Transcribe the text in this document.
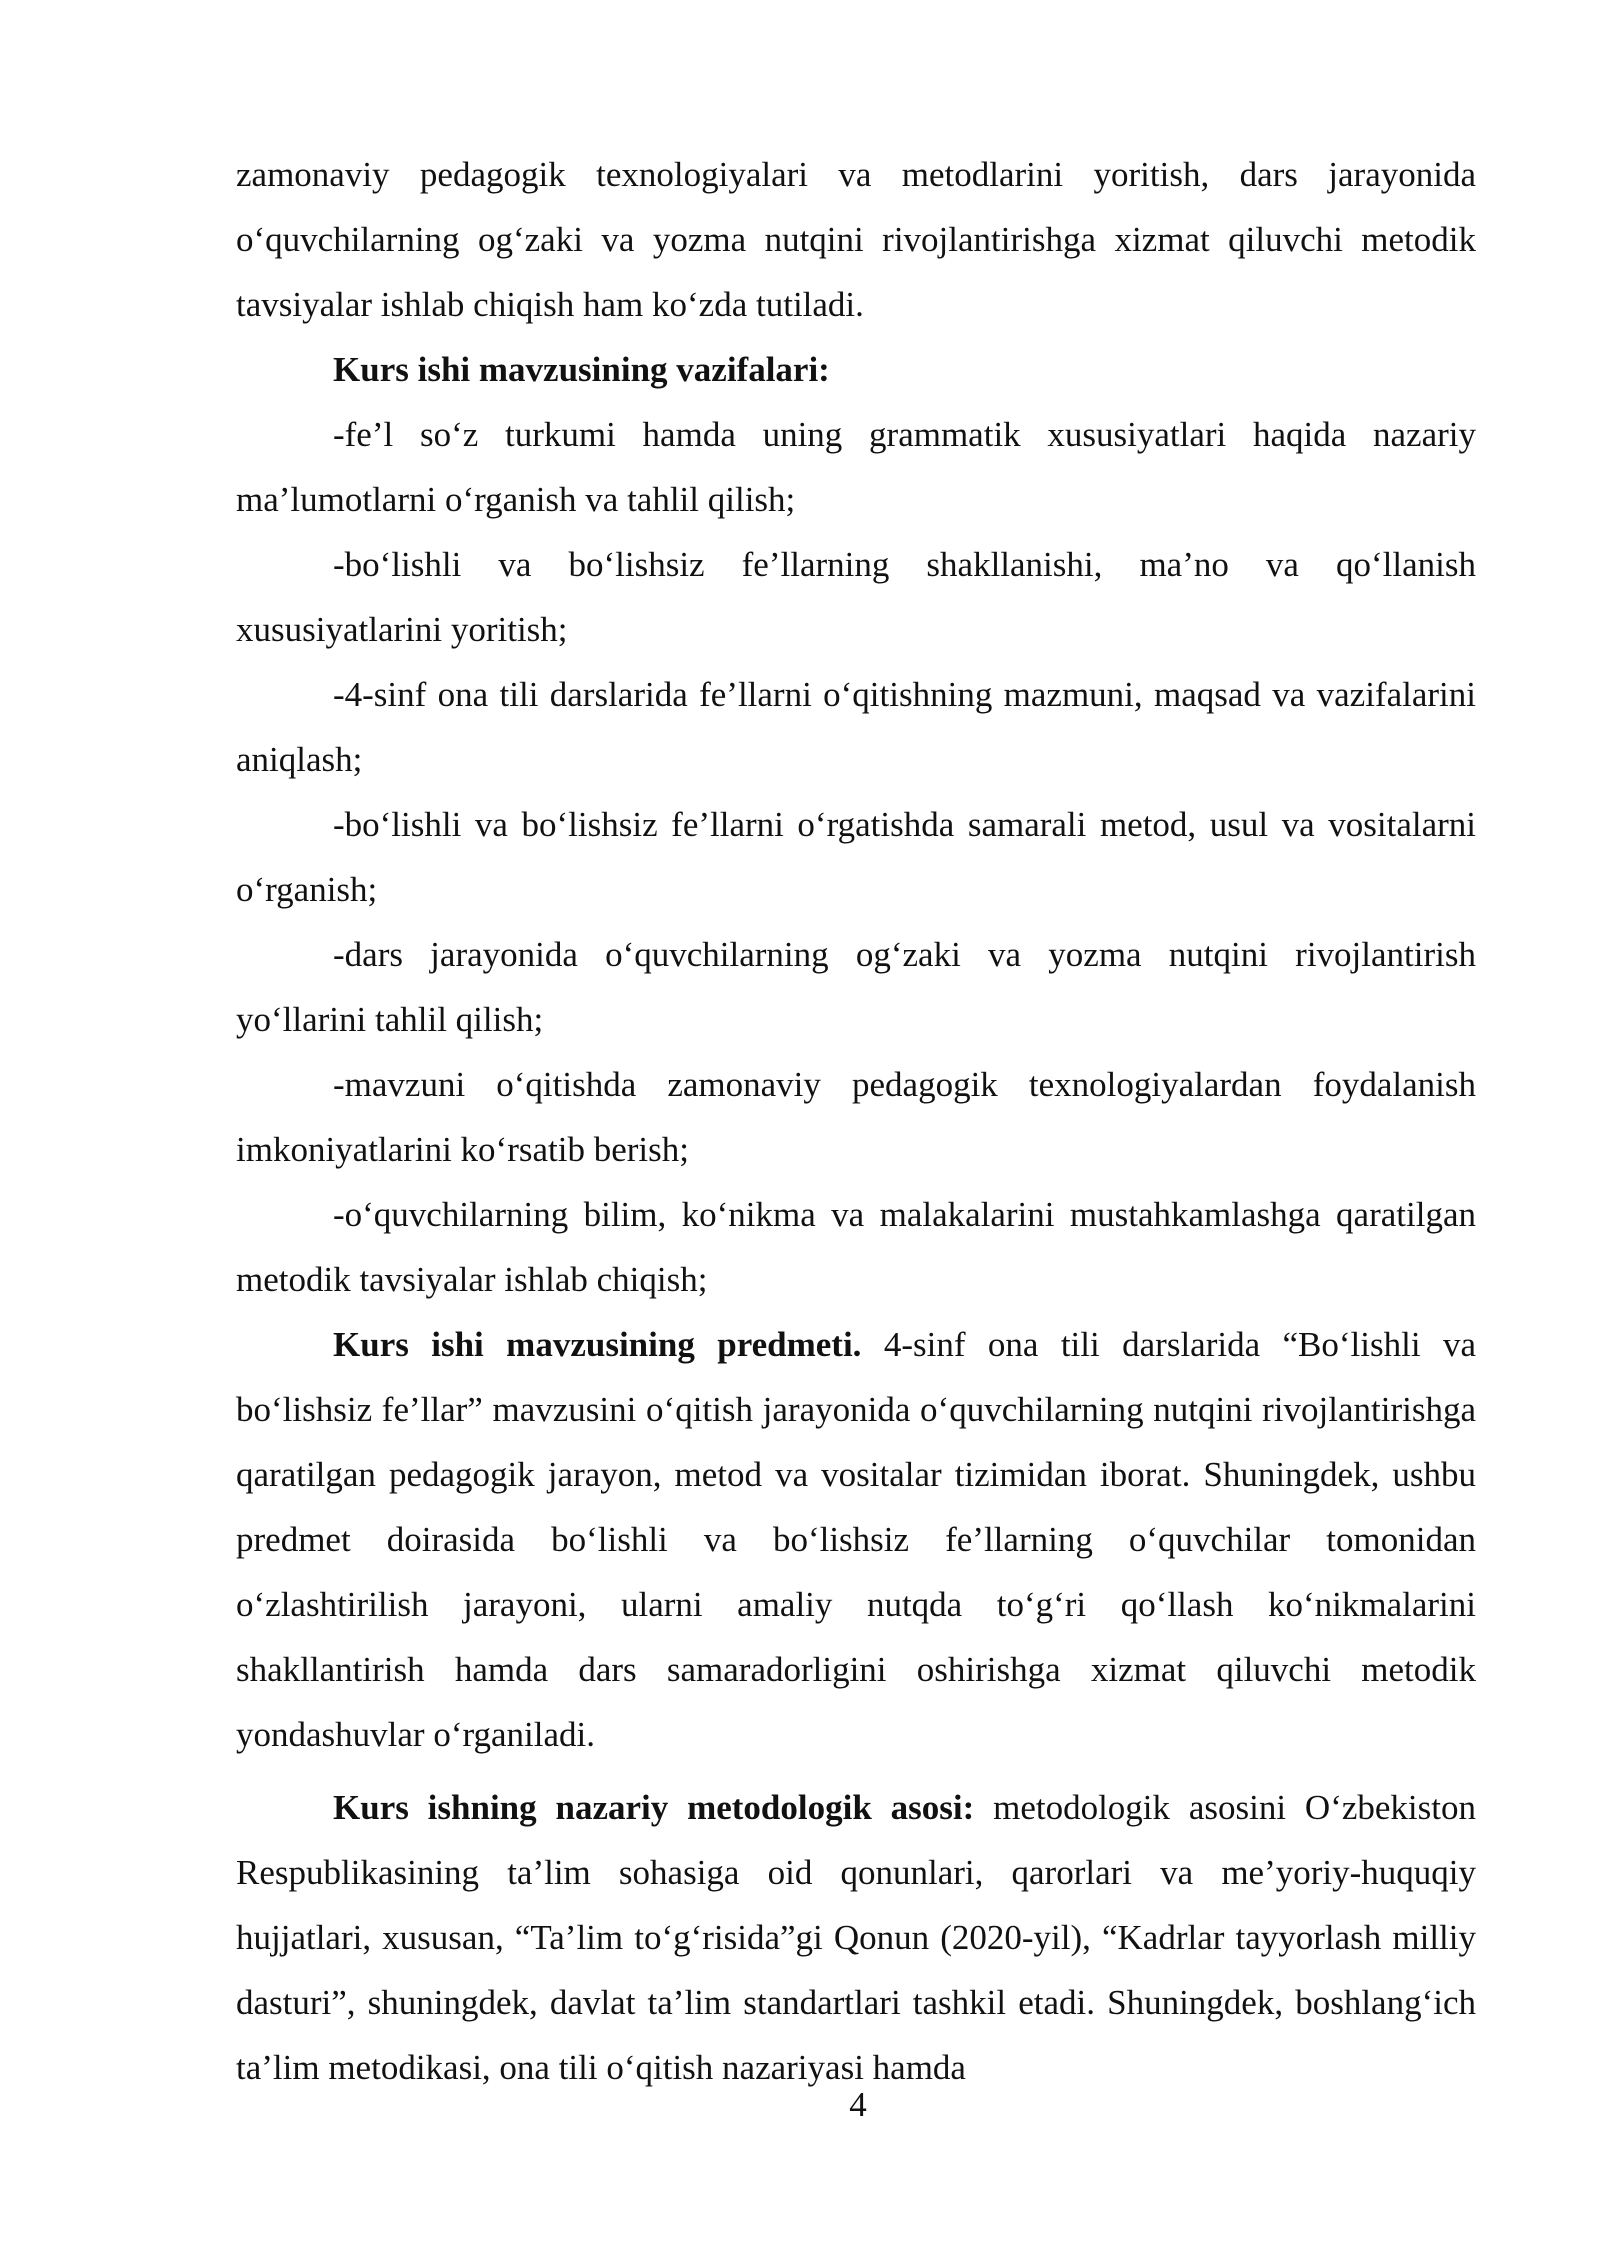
zamonaviy pedagogik texnologiyalari va metodlarini yoritish, dars jarayonida o‘quvchilarning og‘zaki va yozma nutqini rivojlantirishga xizmat qiluvchi metodik tavsiyalar ishlab chiqish ham ko‘zda tutiladi.

Kurs ishi mavzusining vazifalari:

-fe’l so‘z turkumi hamda uning grammatik xususiyatlari haqida nazariy ma’lumotlarni o‘rganish va tahlil qilish;

-bo‘lishli va bo‘lishsiz fe’llarning shakllanishi, ma’no va qo‘llanish xususiyatlarini yoritish;

-4-sinf ona tili darslarida fe’llarni o‘qitishning mazmuni, maqsad va vazifalarini aniqlash;

-bo‘lishli va bo‘lishsiz fe’llarni o‘rgatishda samarali metod, usul va vositalarni o‘rganish;

-dars jarayonida o‘quvchilarning og‘zaki va yozma nutqini rivojlantirish yo‘llarini tahlil qilish;

-mavzuni o‘qitishda zamonaviy pedagogik texnologiyalardan foydalanish imkoniyatlarini ko‘rsatib berish;

-o‘quvchilarning bilim, ko‘nikma va malakalarini mustahkamlashga qaratilgan metodik tavsiyalar ishlab chiqish;

Kurs ishi mavzusining predmeti. 4-sinf ona tili darslarida “Bo‘lishli va bo‘lishsiz fe’llar” mavzusini o‘qitish jarayonida o‘quvchilarning nutqini rivojlantirishga qaratilgan pedagogik jarayon, metod va vositalar tizimidan iborat. Shuningdek, ushbu predmet doirasida bo‘lishli va bo‘lishsiz fe’llarning o‘quvchilar tomonidan o‘zlashtirilish jarayoni, ularni amaliy nutqda to‘g‘ri qo‘llash ko‘nikmalarini shakllantirish hamda dars samaradorligini oshirishga xizmat qiluvchi metodik yondashuvlar o‘rganiladi.

Kurs ishning nazariy metodologik asosi: metodologik asosini O‘zbekiston Respublikasining ta’lim sohasiga oid qonunlari, qarorlari va me’yoriy-huquqiy hujjatlari, xususan, “Ta’lim to‘g‘risida”gi Qonun (2020-yil), “Kadrlar tayyorlash milliy dasturi”, shuningdek, davlat ta’lim standartlari tashkil etadi. Shuningdek, boshlang‘ich ta’lim metodikasi, ona tili o‘qitish nazariyasi hamda

4
